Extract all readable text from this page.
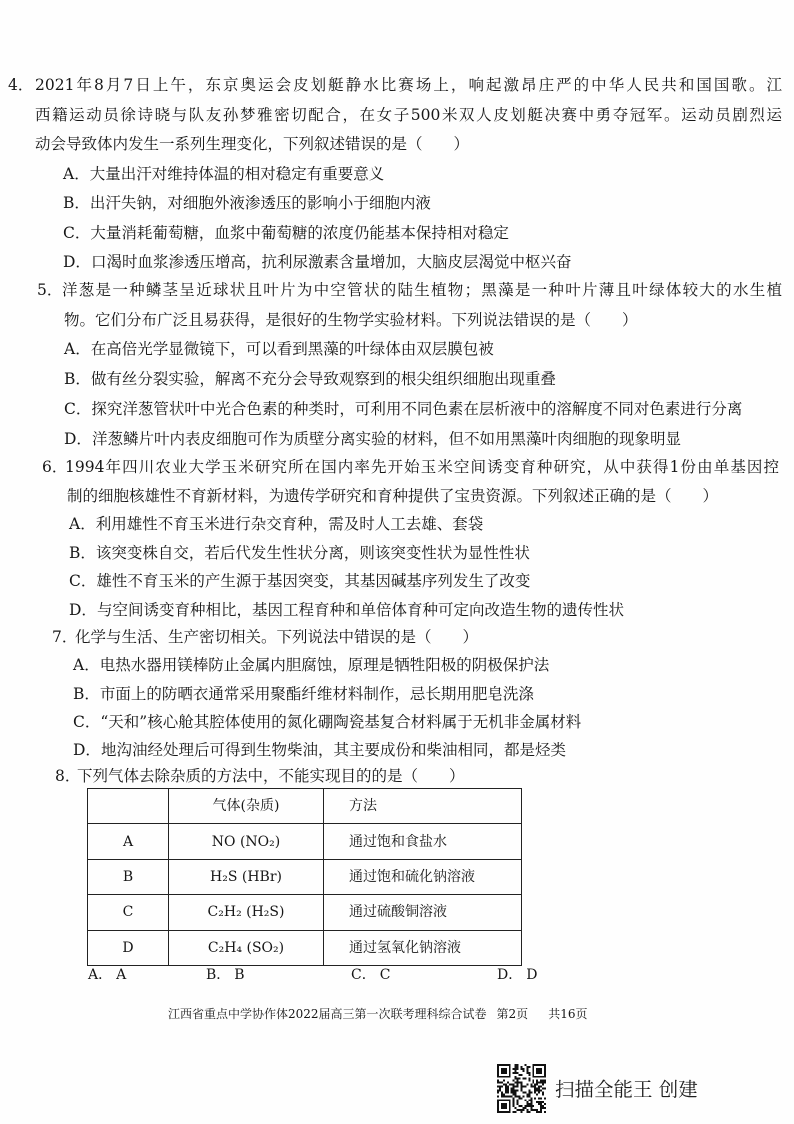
4． 2021年8月7日上午，东京奥运会皮划艇静水比赛场上，响起激昂庄严的中华人民共和国国歌。江
西籍运动员徐诗晓与队友孙梦雅密切配合，在女子500米双人皮划艇决赛中勇夺冠军。运动员剧烈运
动会导致体内发生一系列生理变化，下列叙述错误的是（　　）
A． 大量出汗对维持体温的相对稳定有重要意义
B． 出汗失钠，对细胞外液渗透压的影响小于细胞内液
C． 大量消耗葡萄糖，血浆中葡萄糖的浓度仍能基本保持相对稳定
D． 口渴时血浆渗透压增高，抗利尿激素含量增加，大脑皮层渴觉中枢兴奋
5． 洋葱是一种鳞茎呈近球状且叶片为中空管状的陆生植物；黑藻是一种叶片薄且叶绿体较大的水生植
物。它们分布广泛且易获得，是很好的生物学实验材料。下列说法错误的是（　　）
A． 在高倍光学显微镜下，可以看到黑藻的叶绿体由双层膜包被
B． 做有丝分裂实验，解离不充分会导致观察到的根尖组织细胞出现重叠
C． 探究洋葱管状叶中光合色素的种类时，可利用不同色素在层析液中的溶解度不同对色素进行分离
D． 洋葱鳞片叶内表皮细胞可作为质壁分离实验的材料，但不如用黑藻叶肉细胞的现象明显
6．
1994年四川农业大学玉米研究所在国内率先开始玉米空间诱变育种研究，从中获得1份由单基因控
制的细胞核雄性不育新材料，为遗传学研究和育种提供了宝贵资源。下列叙述正确的是（　　）
A． 利用雄性不育玉米进行杂交育种，需及时人工去雄、套袋
B． 该突变株自交，若后代发生性状分离，则该突变性状为显性性状
C． 雄性不育玉米的产生源于基因突变，其基因碱基序列发生了改变
D． 与空间诱变育种相比，基因工程育种和单倍体育种可定向改造生物的遗传性状
7．
化学与生活、生产密切相关。下列说法中错误的是（　　）
A． 电热水器用镁棒防止金属内胆腐蚀，原理是牺牲阳极的阴极保护法
B． 市面上的防晒衣通常采用聚酯纤维材料制作，忌长期用肥皂洗涤
C． “天和”核心舱其腔体使用的氮化硼陶瓷基复合材料属于无机非金属材料
D． 地沟油经处理后可得到生物柴油，其主要成份和柴油相同，都是烃类
8．
下列气体去除杂质的方法中，不能实现目的的是（　　）
	气体(杂质)	方法
A	NO (NO₂)	通过饱和食盐水
B	H₂S (HBr)	通过饱和硫化钠溶液
C	C₂H₂ (H₂S)	通过硫酸铜溶液
D	C₂H₄ (SO₂)	通过氢氧化钠溶液
A． A	B． B	C． C	D． D
江西省重点中学协作体2022届高三第一次联考理科综合试卷 第2页 共16页
扫描全能王 创建
